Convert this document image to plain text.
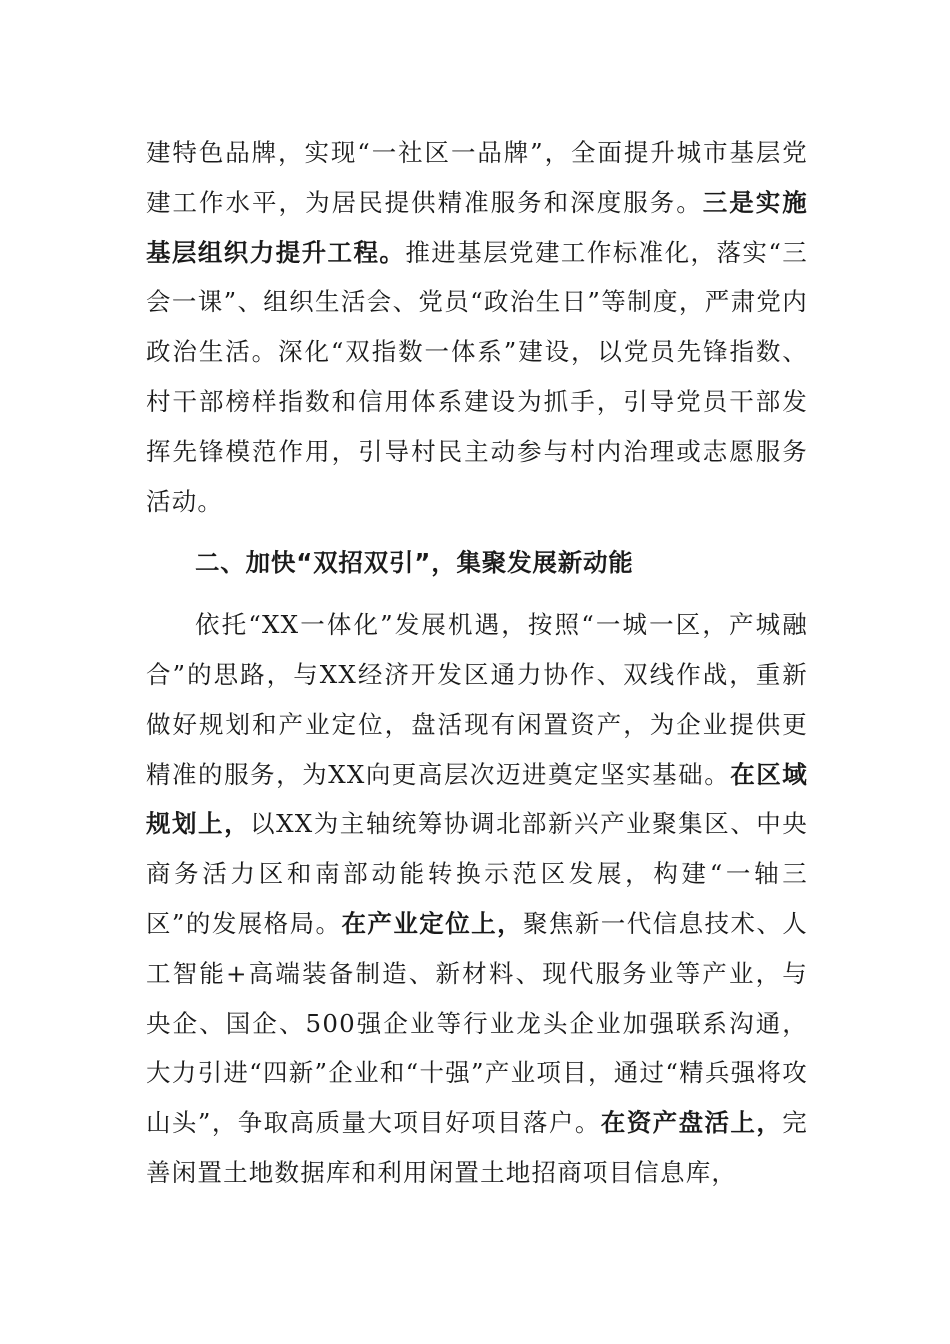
建特色品牌，实现“一社区一品牌”，全面提升城市基层党建工作水平，为居民提供精准服务和深度服务。三是实施基层组织力提升工程。推进基层党建工作标准化，落实“三会一课”、组织生活会、党员“政治生日”等制度，严肃党内政治生活。深化“双指数一体系”建设，以党员先锋指数、村干部榜样指数和信用体系建设为抓手，引导党员干部发挥先锋模范作用，引导村民主动参与村内治理或志愿服务活动。

二、加快“双招双引”，集聚发展新动能

依托“XX一体化”发展机遇，按照“一城一区，产城融合”的思路，与XX经济开发区通力协作、双线作战，重新做好规划和产业定位，盘活现有闲置资产，为企业提供更精准的服务，为XX向更高层次迈进奠定坚实基础。在区域规划上，以XX为主轴统筹协调北部新兴产业聚集区、中央商务活力区和南部动能转换示范区发展，构建“一轴三区”的发展格局。在产业定位上，聚焦新一代信息技术、人工智能+高端装备制造、新材料、现代服务业等产业，与央企、国企、500强企业等行业龙头企业加强联系沟通，大力引进“四新”企业和“十强”产业项目，通过“精兵强将攻山头”，争取高质量大项目好项目落户。在资产盘活上，完善闲置土地数据库和利用闲置土地招商项目信息库，
